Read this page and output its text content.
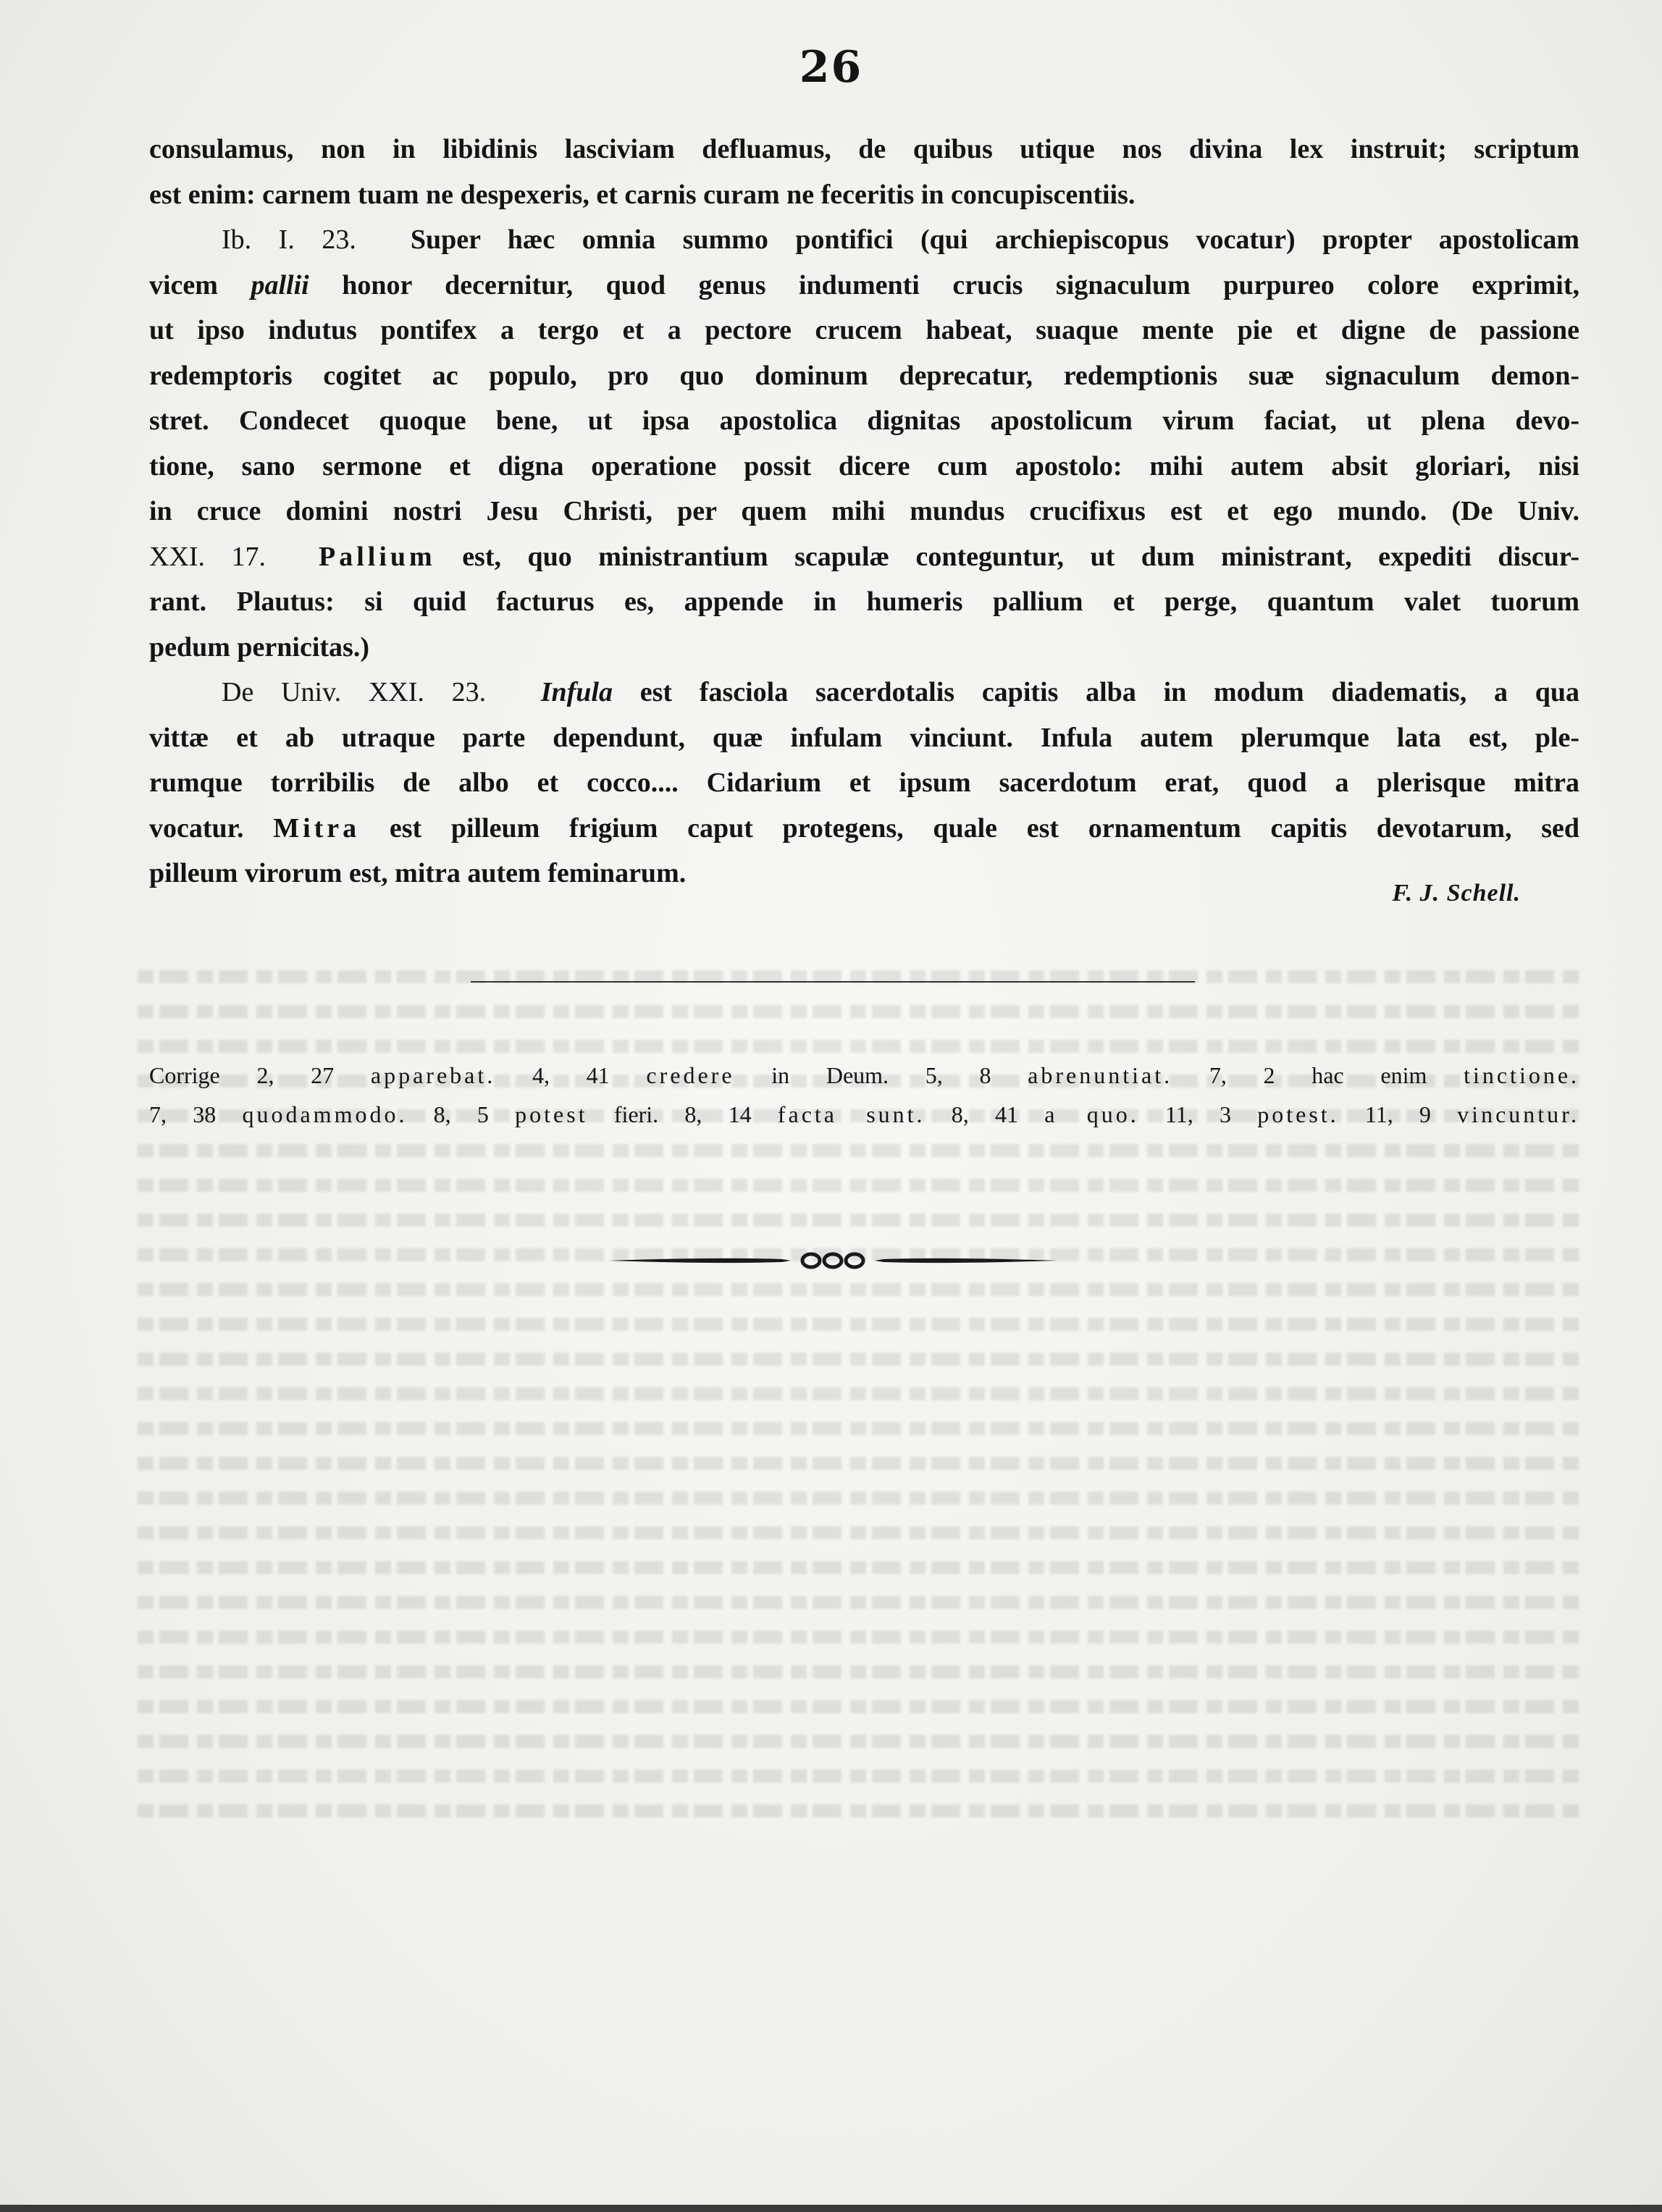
26
consulamus, non in libidinis lasciviam defluamus, de quibus utique nos divina lex instruit; scriptum
est enim: carnem tuam ne despexeris, et carnis curam ne feceritis in concupiscentiis.
Ib. I. 23. Super hæc omnia summo pontifici (qui archiepiscopus vocatur) propter apostolicam
vicem pallii honor decernitur, quod genus indumenti crucis signaculum purpureo colore exprimit,
ut ipso indutus pontifex a tergo et a pectore crucem habeat, suaque mente pie et digne de passione
redemptoris cogitet ac populo, pro quo dominum deprecatur, redemptionis suæ signaculum demon-
stret. Condecet quoque bene, ut ipsa apostolica dignitas apostolicum virum faciat, ut plena devo-
tione, sano sermone et digna operatione possit dicere cum apostolo: mihi autem absit gloriari, nisi
in cruce domini nostri Jesu Christi, per quem mihi mundus crucifixus est et ego mundo. (De Univ.
XXI. 17. Pallium est, quo ministrantium scapulæ conteguntur, ut dum ministrant, expediti discur-
rant. Plautus: si quid facturus es, appende in humeris pallium et perge, quantum valet tuorum
pedum pernicitas.)
De Univ. XXI. 23. Infula est fasciola sacerdotalis capitis alba in modum diadematis, a qua
vittæ et ab utraque parte dependunt, quæ infulam vinciunt. Infula autem plerumque lata est, ple-
rumque torribilis de albo et cocco.... Cidarium et ipsum sacerdotum erat, quod a plerisque mitra
vocatur. Mitra est pilleum frigium caput protegens, quale est ornamentum capitis devotarum, sed
pilleum virorum est, mitra autem feminarum.
F. J. Schell.
Corrige 2, 27 apparebat. 4, 41 credere in Deum. 5, 8 abrenuntiat. 7, 2 hac enim tinctione.
7, 38 quodammodo. 8, 5 potest fieri. 8, 14 facta sunt. 8, 41 a quo. 11, 3 potest. 11, 9 vincuntur.
